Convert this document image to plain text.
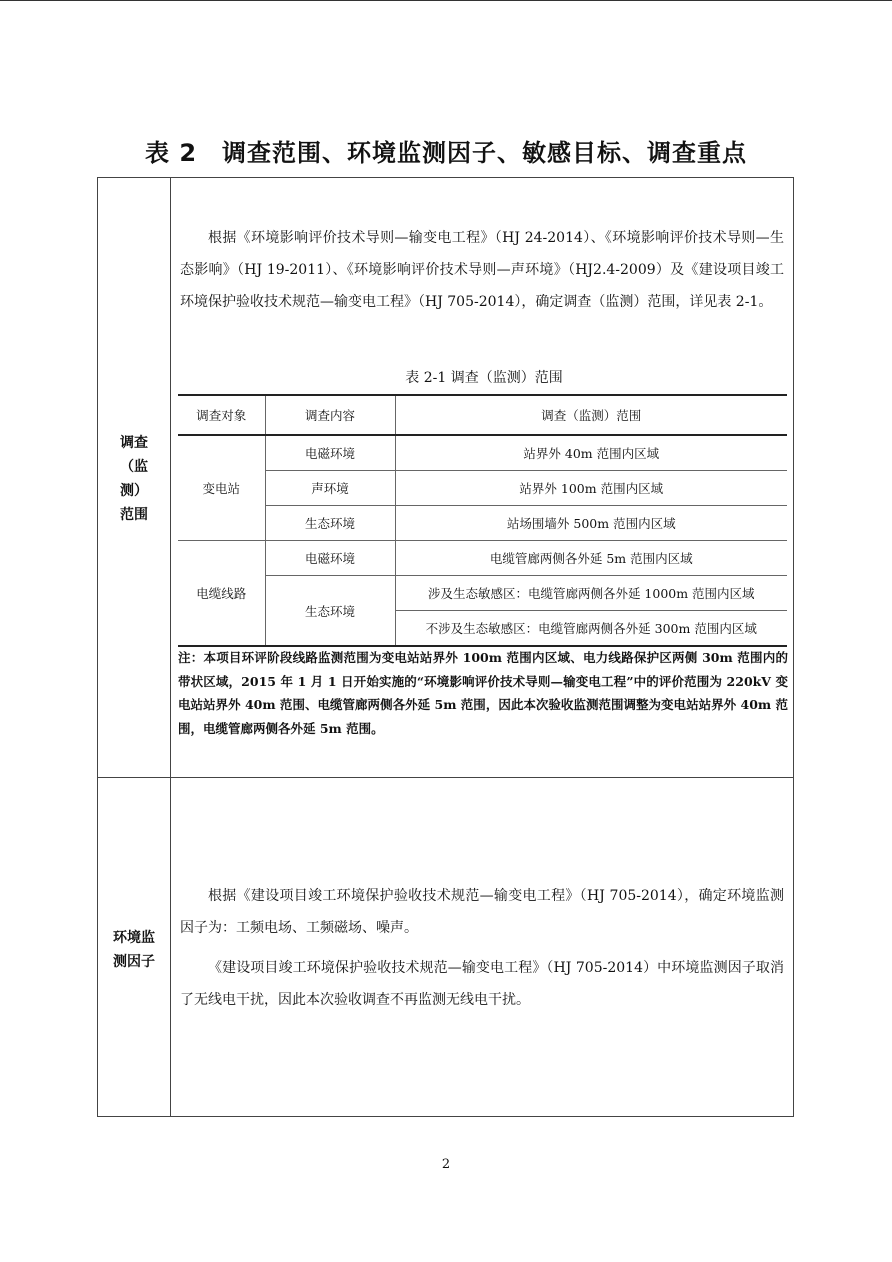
表 2　调查范围、环境监测因子、敏感目标、调查重点
调查
（监
测）
范围

根据《环境影响评价技术导则—输变电工程》（HJ 24-2014）、《环境影响评价技术导则—生态影响》（HJ 19-2011）、《环境影响评价技术导则—声环境》（HJ2.4-2009）及《建设项目竣工环境保护验收技术规范—输变电工程》（HJ 705-2014），确定调查（监测）范围，详见表 2-1。

表 2-1 调查（监测）范围
调查对象	调查内容	调查（监测）范围
变电站	电磁环境	站界外 40m 范围内区域
	声环境	站界外 100m 范围内区域
	生态环境	站场围墙外 500m 范围内区域
电缆线路	电磁环境	电缆管廊两侧各外延 5m 范围内区域
	生态环境	涉及生态敏感区：电缆管廊两侧各外延 1000m 范围内区域
		不涉及生态敏感区：电缆管廊两侧各外延 300m 范围内区域

注：本项目环评阶段线路监测范围为变电站站界外 100m 范围内区域、电力线路保护区两侧 30m 范围内的带状区域，2015 年 1 月 1 日开始实施的“环境影响评价技术导则—输变电工程”中的评价范围为 220kV 变电站站界外 40m 范围、电缆管廊两侧各外延 5m 范围，因此本次验收监测范围调整为变电站站界外 40m 范围，电缆管廊两侧各外延 5m 范围。

环境监
测因子

根据《建设项目竣工环境保护验收技术规范—输变电工程》（HJ 705-2014），确定环境监测因子为：工频电场、工频磁场、噪声。

《建设项目竣工环境保护验收技术规范—输变电工程》（HJ 705-2014）中环境监测因子取消了无线电干扰，因此本次验收调查不再监测无线电干扰。

2
